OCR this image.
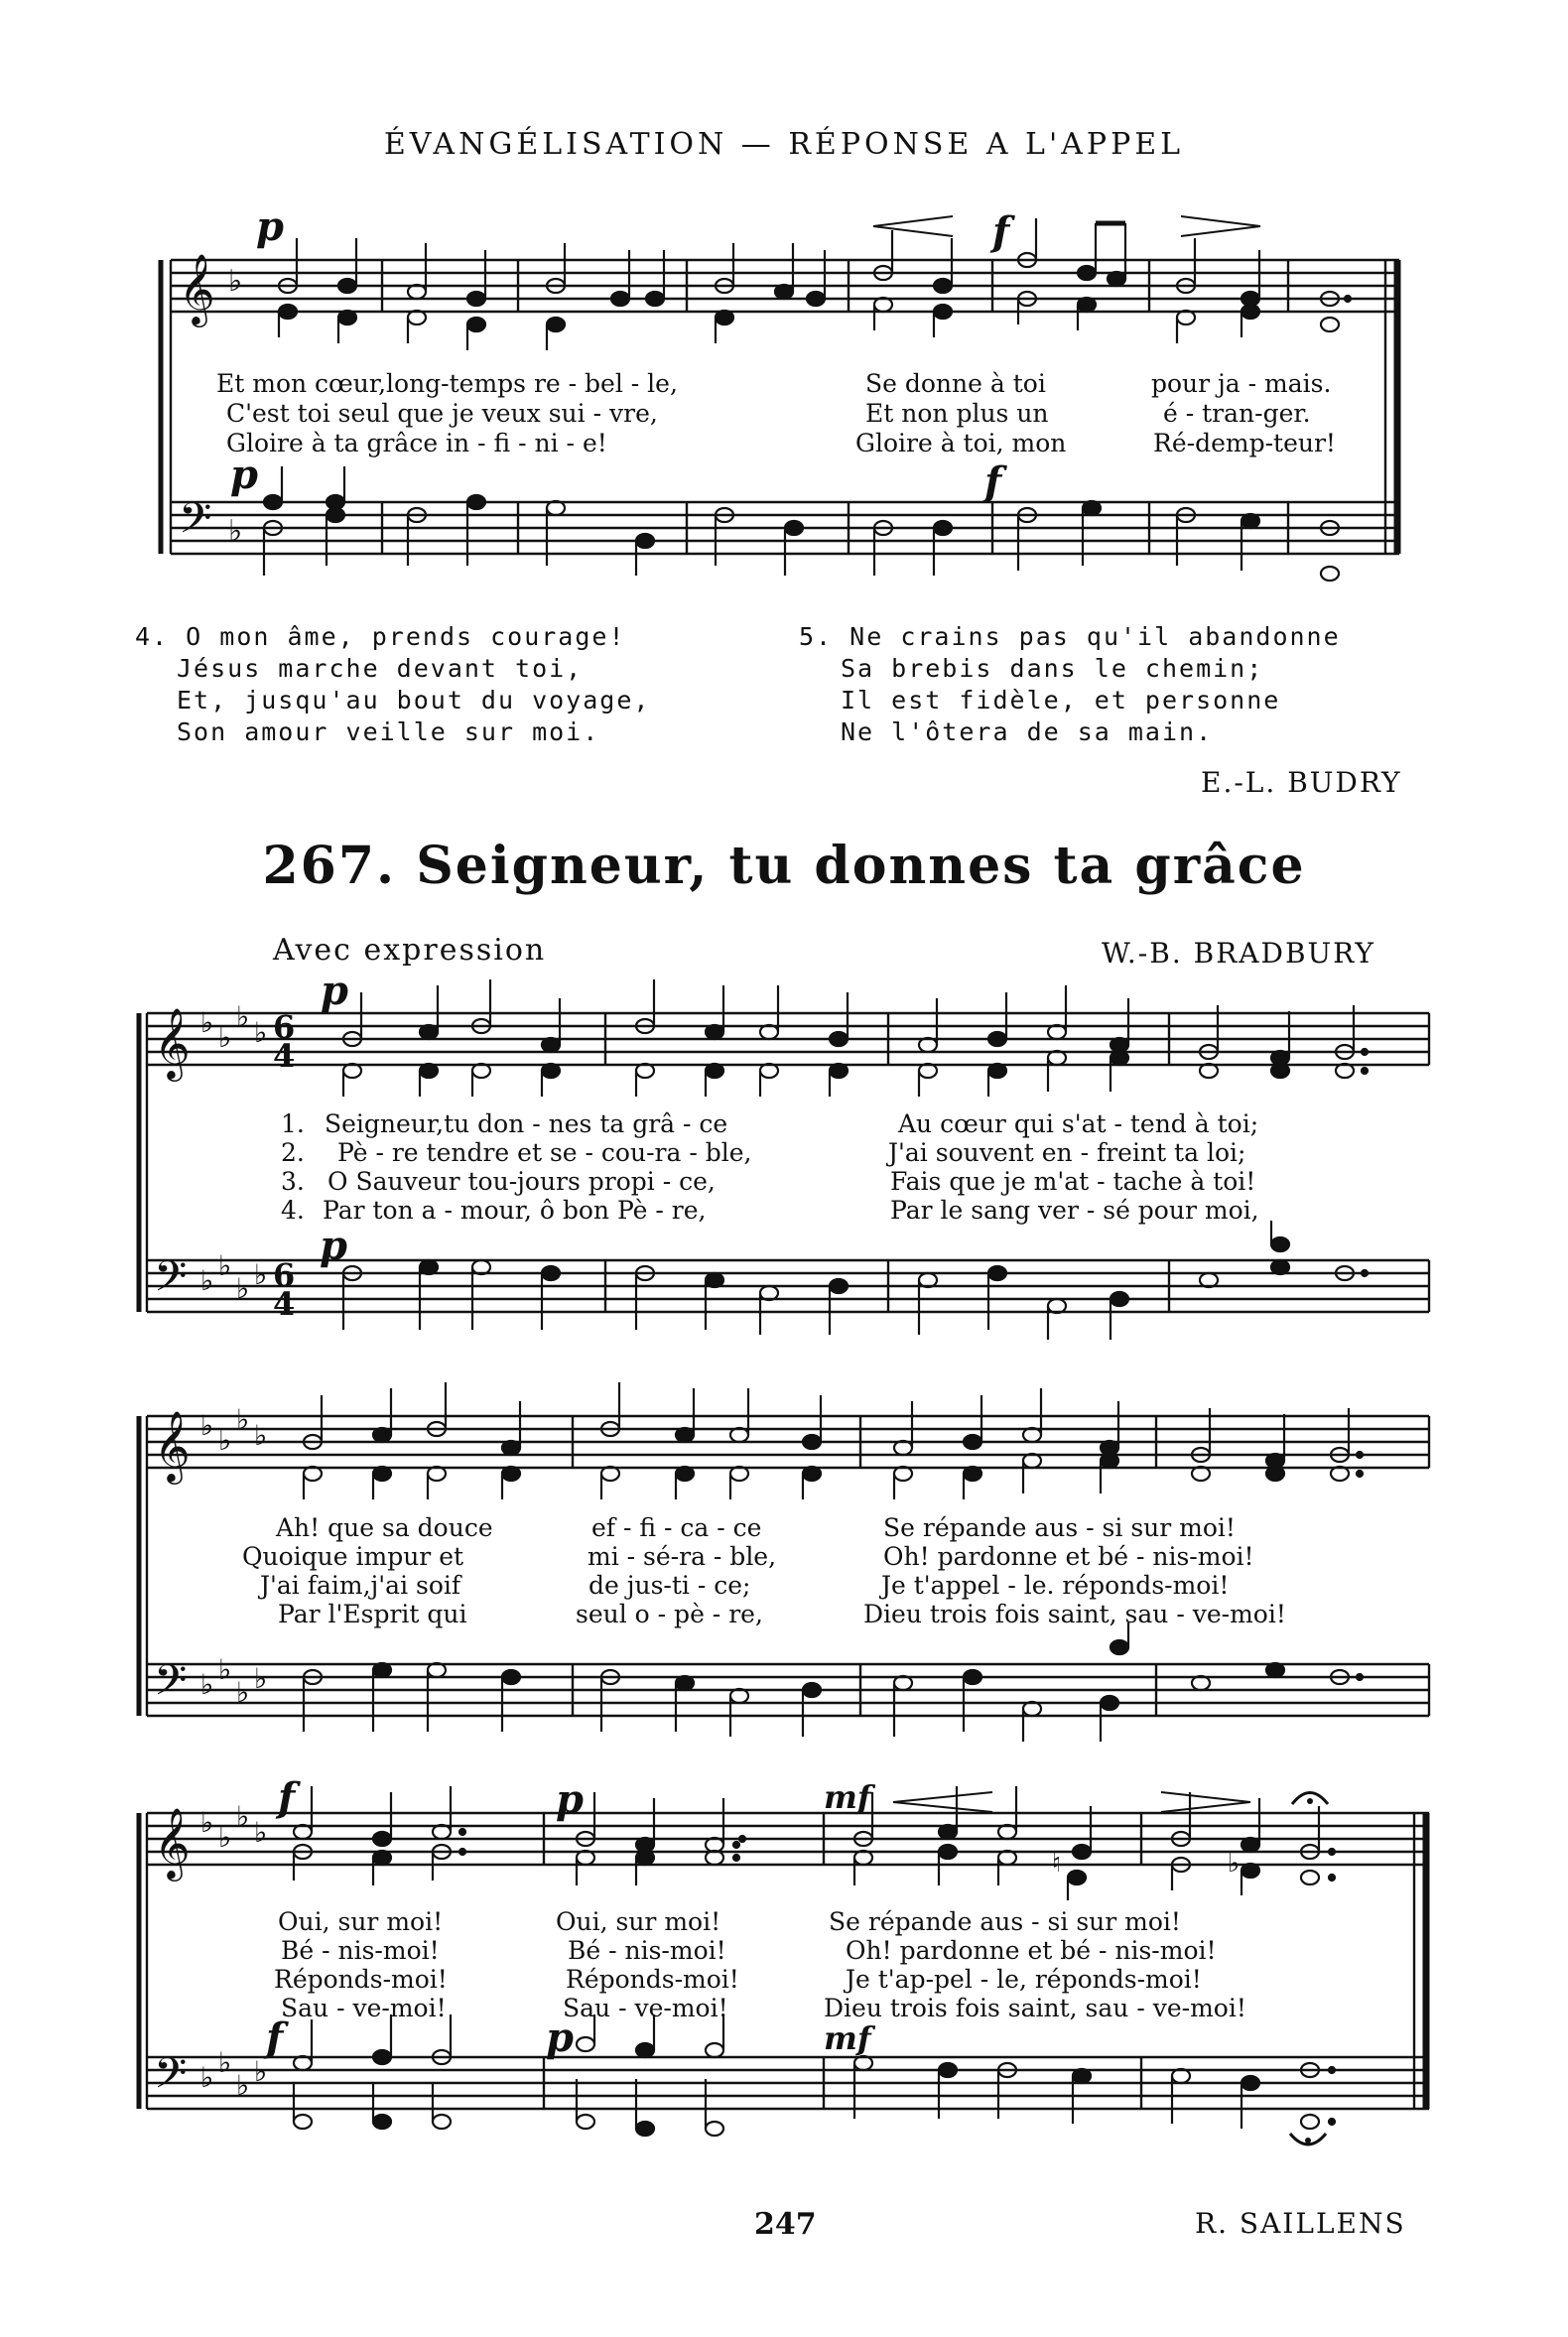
ÉVANGÉLISATION — RÉPONSE A L'APPEL
𝄞 ♭
𝄢 ♭
p	f
p	f
Et mon cœur,long-temps re - bel - le,	Se donne à toi	pour ja - mais.
C'est toi seul que je veux sui - vre,	Et non plus un	é - tran-ger.
Gloire à ta grâce in - fi - ni - e!	Gloire à toi, mon	Ré-demp-teur!
4. O mon âme, prends courage!
Jésus marche devant toi,
Et, jusqu'au bout du voyage,
Son amour veille sur moi.
5. Ne crains pas qu'il abandonne
Sa brebis dans le chemin;
Il est fidèle, et personne
Ne l'ôtera de sa main.
E.-L. BUDRY
267. Seigneur, tu donnes ta grâce
Avec expression	W.-B. BRADBURY
𝄞 ♭ ♭
♭ ♭ 6
4
𝄢 ♭ ♭
♭ ♭ 6
4
p
p
1. Seigneur,tu don - nes ta grâ - ce	Au cœur qui s'at - tend à toi;
2. Pè - re tendre et se - cou-ra - ble,	J'ai souvent en - freint ta loi;
3. O Sauveur tou-jours propi - ce,	Fais que je m'at - tache à toi!
4. Par ton a - mour, ô bon Pè - re,	Par le sang ver - sé pour moi,
𝄞 ♭ ♭
♭ ♭
𝄢 ♭ ♭
♭ ♭
Ah! que sa douce	ef - fi - ca - ce	Se répande aus - si sur moi!
Quoique impur et	mi - sé-ra - ble,	Oh! pardonne et bé - nis-moi!
J'ai faim,j'ai soif	de jus-ti - ce;	Je t'appel - le. réponds-moi!
Par l'Esprit qui	seul o - pè - re,	Dieu trois fois saint, sau - ve-moi!
𝄞 ♭ ♭
♭ ♭
𝄢 ♭ ♭
♭ ♭
♮	♭
f	p	mf
f	p	mf
Oui, sur moi!	Oui, sur moi!	Se répande aus - si sur moi!
Bé - nis-moi!	Bé - nis-moi!	Oh! pardonne et bé - nis-moi!
Réponds-moi!	Réponds-moi!	Je t'ap-pel - le, réponds-moi!
Sau - ve-moi!	Sau - ve-moi!	Dieu trois fois saint, sau - ve-moi!
247	R. SAILLENS
